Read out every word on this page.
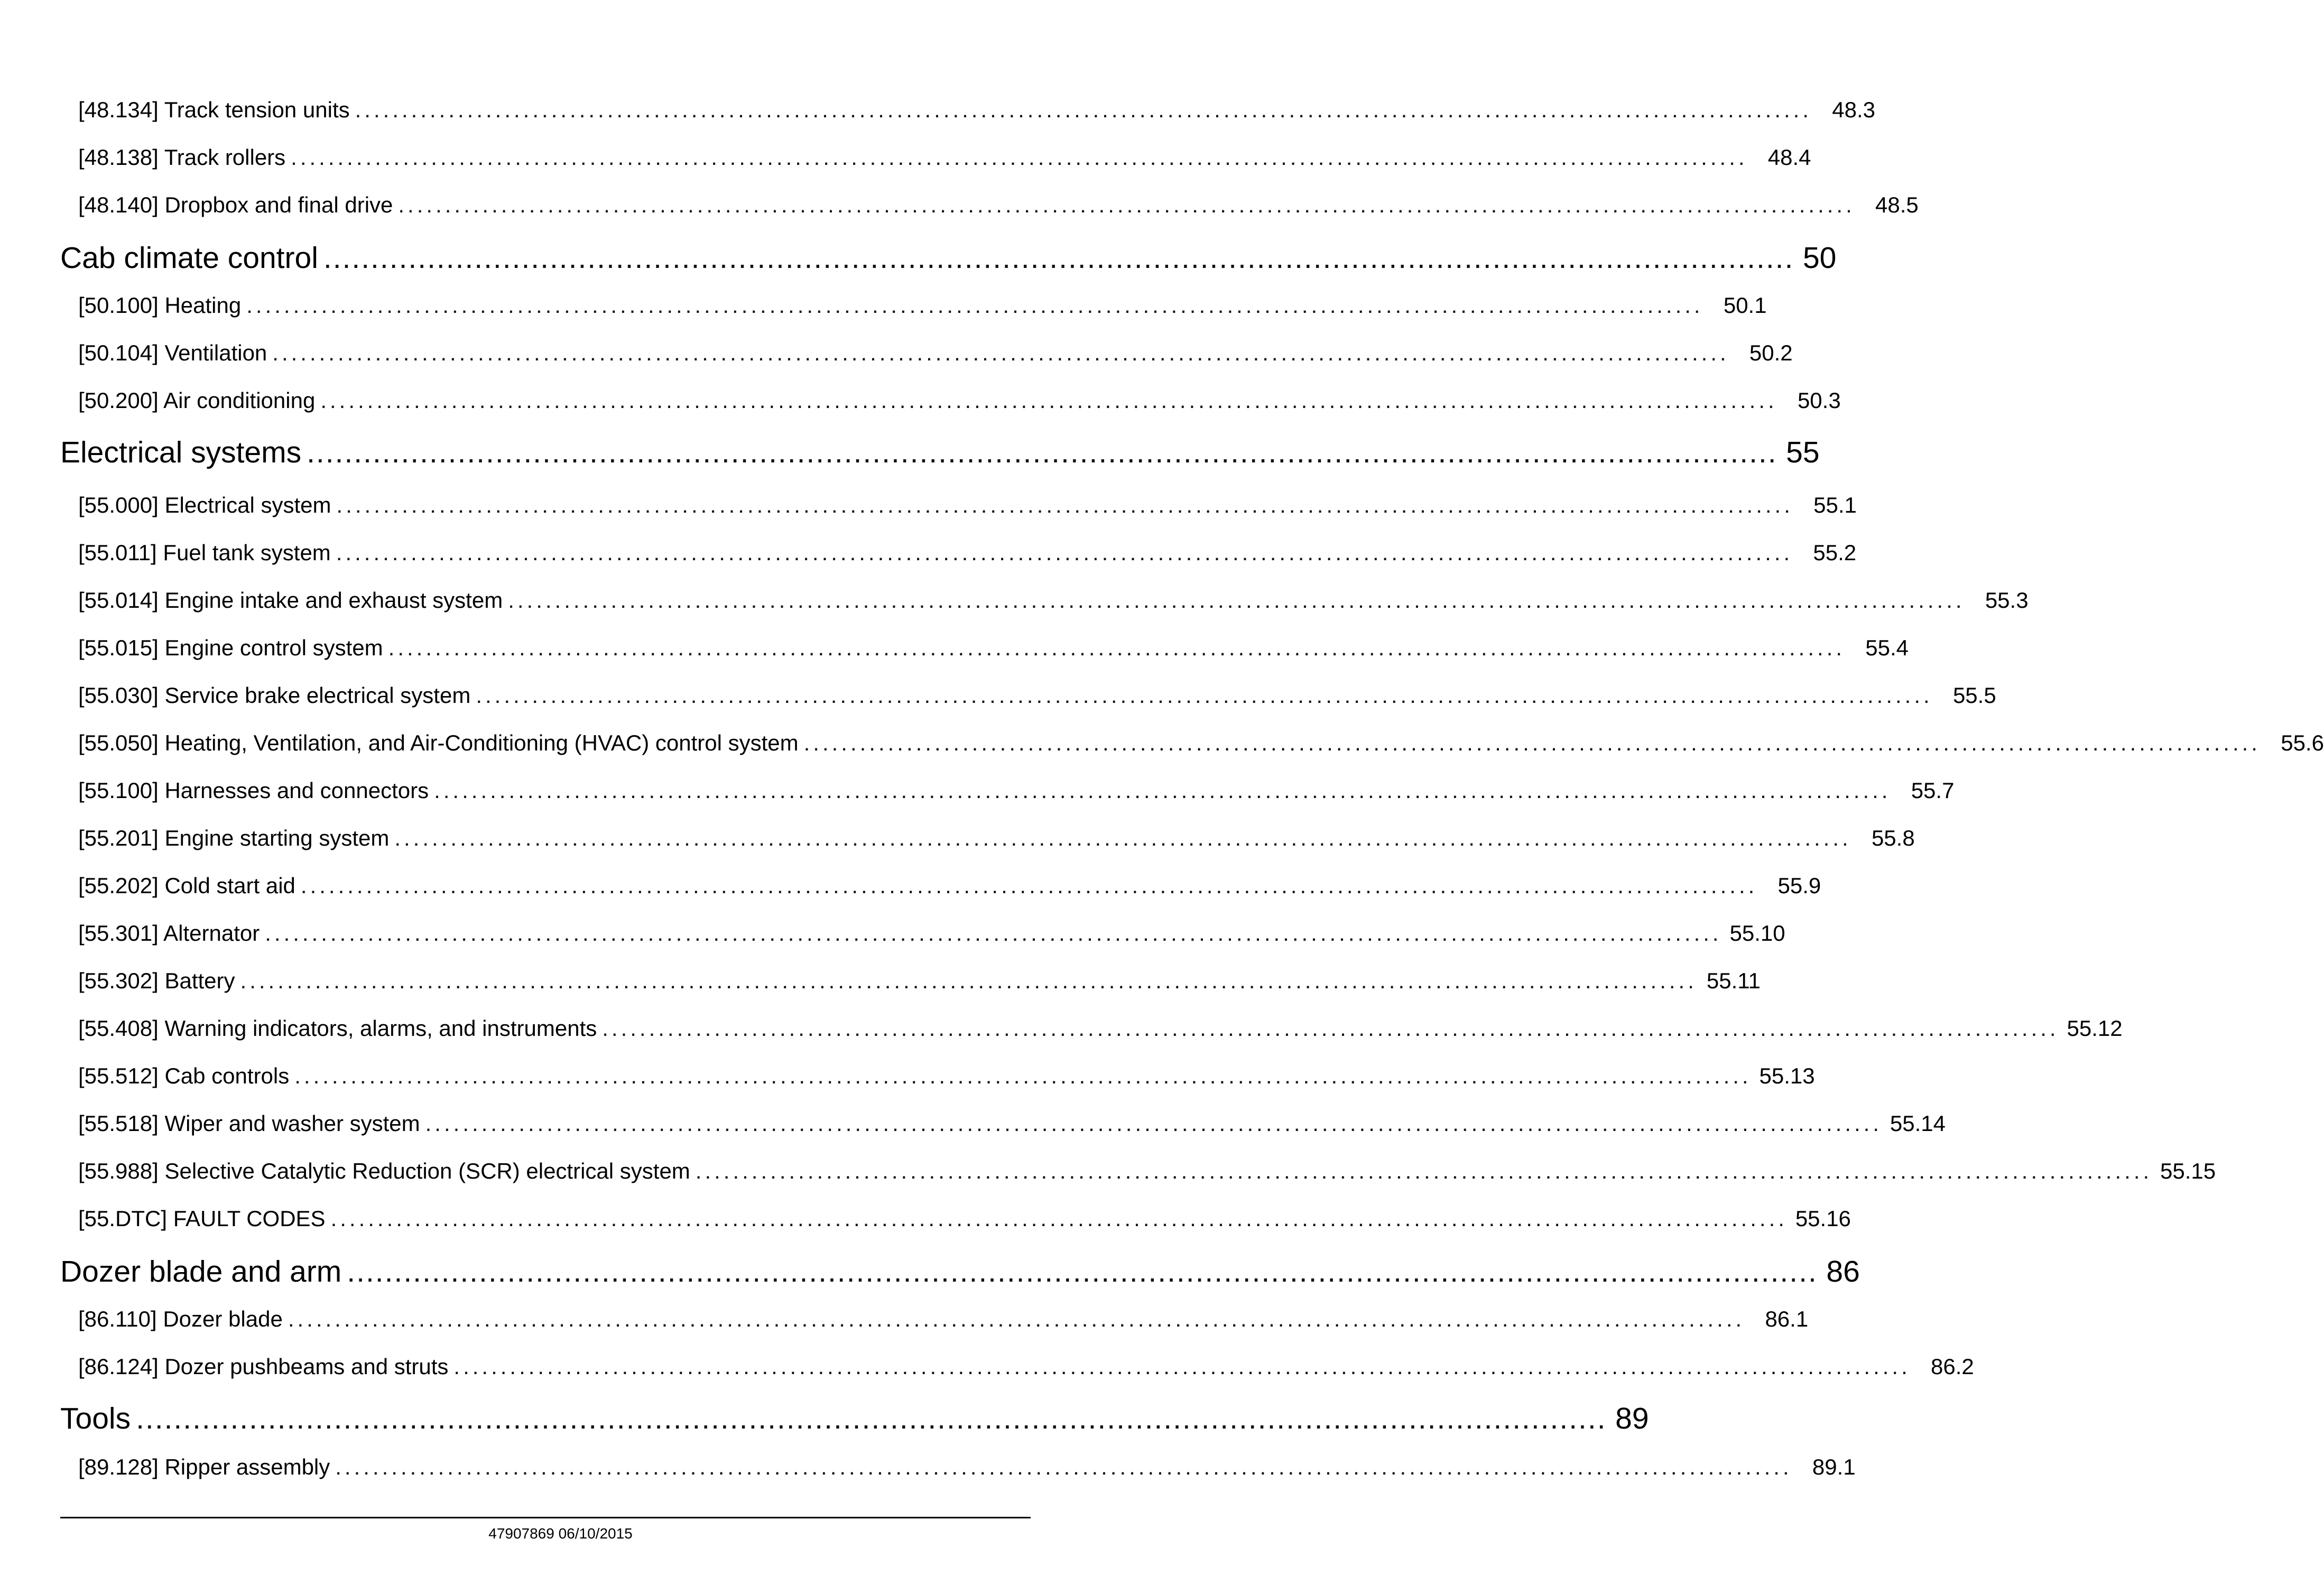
[48.134] Track tension units ............................................................................................................................................................ 48.3
[48.138] Track rollers ............................................................................................................................................................ 48.4
[48.140] Dropbox and final drive ............................................................................................................................................................ 48.5
Cab climate control ............................................................................................................................................................ 50
[50.100] Heating ............................................................................................................................................................ 50.1
[50.104] Ventilation ............................................................................................................................................................ 50.2
[50.200] Air conditioning ............................................................................................................................................................ 50.3
Electrical systems ............................................................................................................................................................ 55
[55.000] Electrical system ............................................................................................................................................................ 55.1
[55.011] Fuel tank system ............................................................................................................................................................ 55.2
[55.014] Engine intake and exhaust system ............................................................................................................................................................ 55.3
[55.015] Engine control system ............................................................................................................................................................ 55.4
[55.030] Service brake electrical system ............................................................................................................................................................ 55.5
[55.050] Heating, Ventilation, and Air-Conditioning (HVAC) control system ............................................................................................................................................................ 55.6
[55.100] Harnesses and connectors ............................................................................................................................................................ 55.7
[55.201] Engine starting system ............................................................................................................................................................ 55.8
[55.202] Cold start aid ............................................................................................................................................................ 55.9
[55.301] Alternator ............................................................................................................................................................ 55.10
[55.302] Battery ............................................................................................................................................................ 55.11
[55.408] Warning indicators, alarms, and instruments ............................................................................................................................................................ 55.12
[55.512] Cab controls ............................................................................................................................................................ 55.13
[55.518] Wiper and washer system ............................................................................................................................................................ 55.14
[55.988] Selective Catalytic Reduction (SCR) electrical system ............................................................................................................................................................ 55.15
[55.DTC] FAULT CODES ............................................................................................................................................................ 55.16
Dozer blade and arm ............................................................................................................................................................ 86
[86.110] Dozer blade ............................................................................................................................................................ 86.1
[86.124] Dozer pushbeams and struts ............................................................................................................................................................ 86.2
Tools ............................................................................................................................................................ 89
[89.128] Ripper assembly ............................................................................................................................................................ 89.1
47907869 06/10/2015
